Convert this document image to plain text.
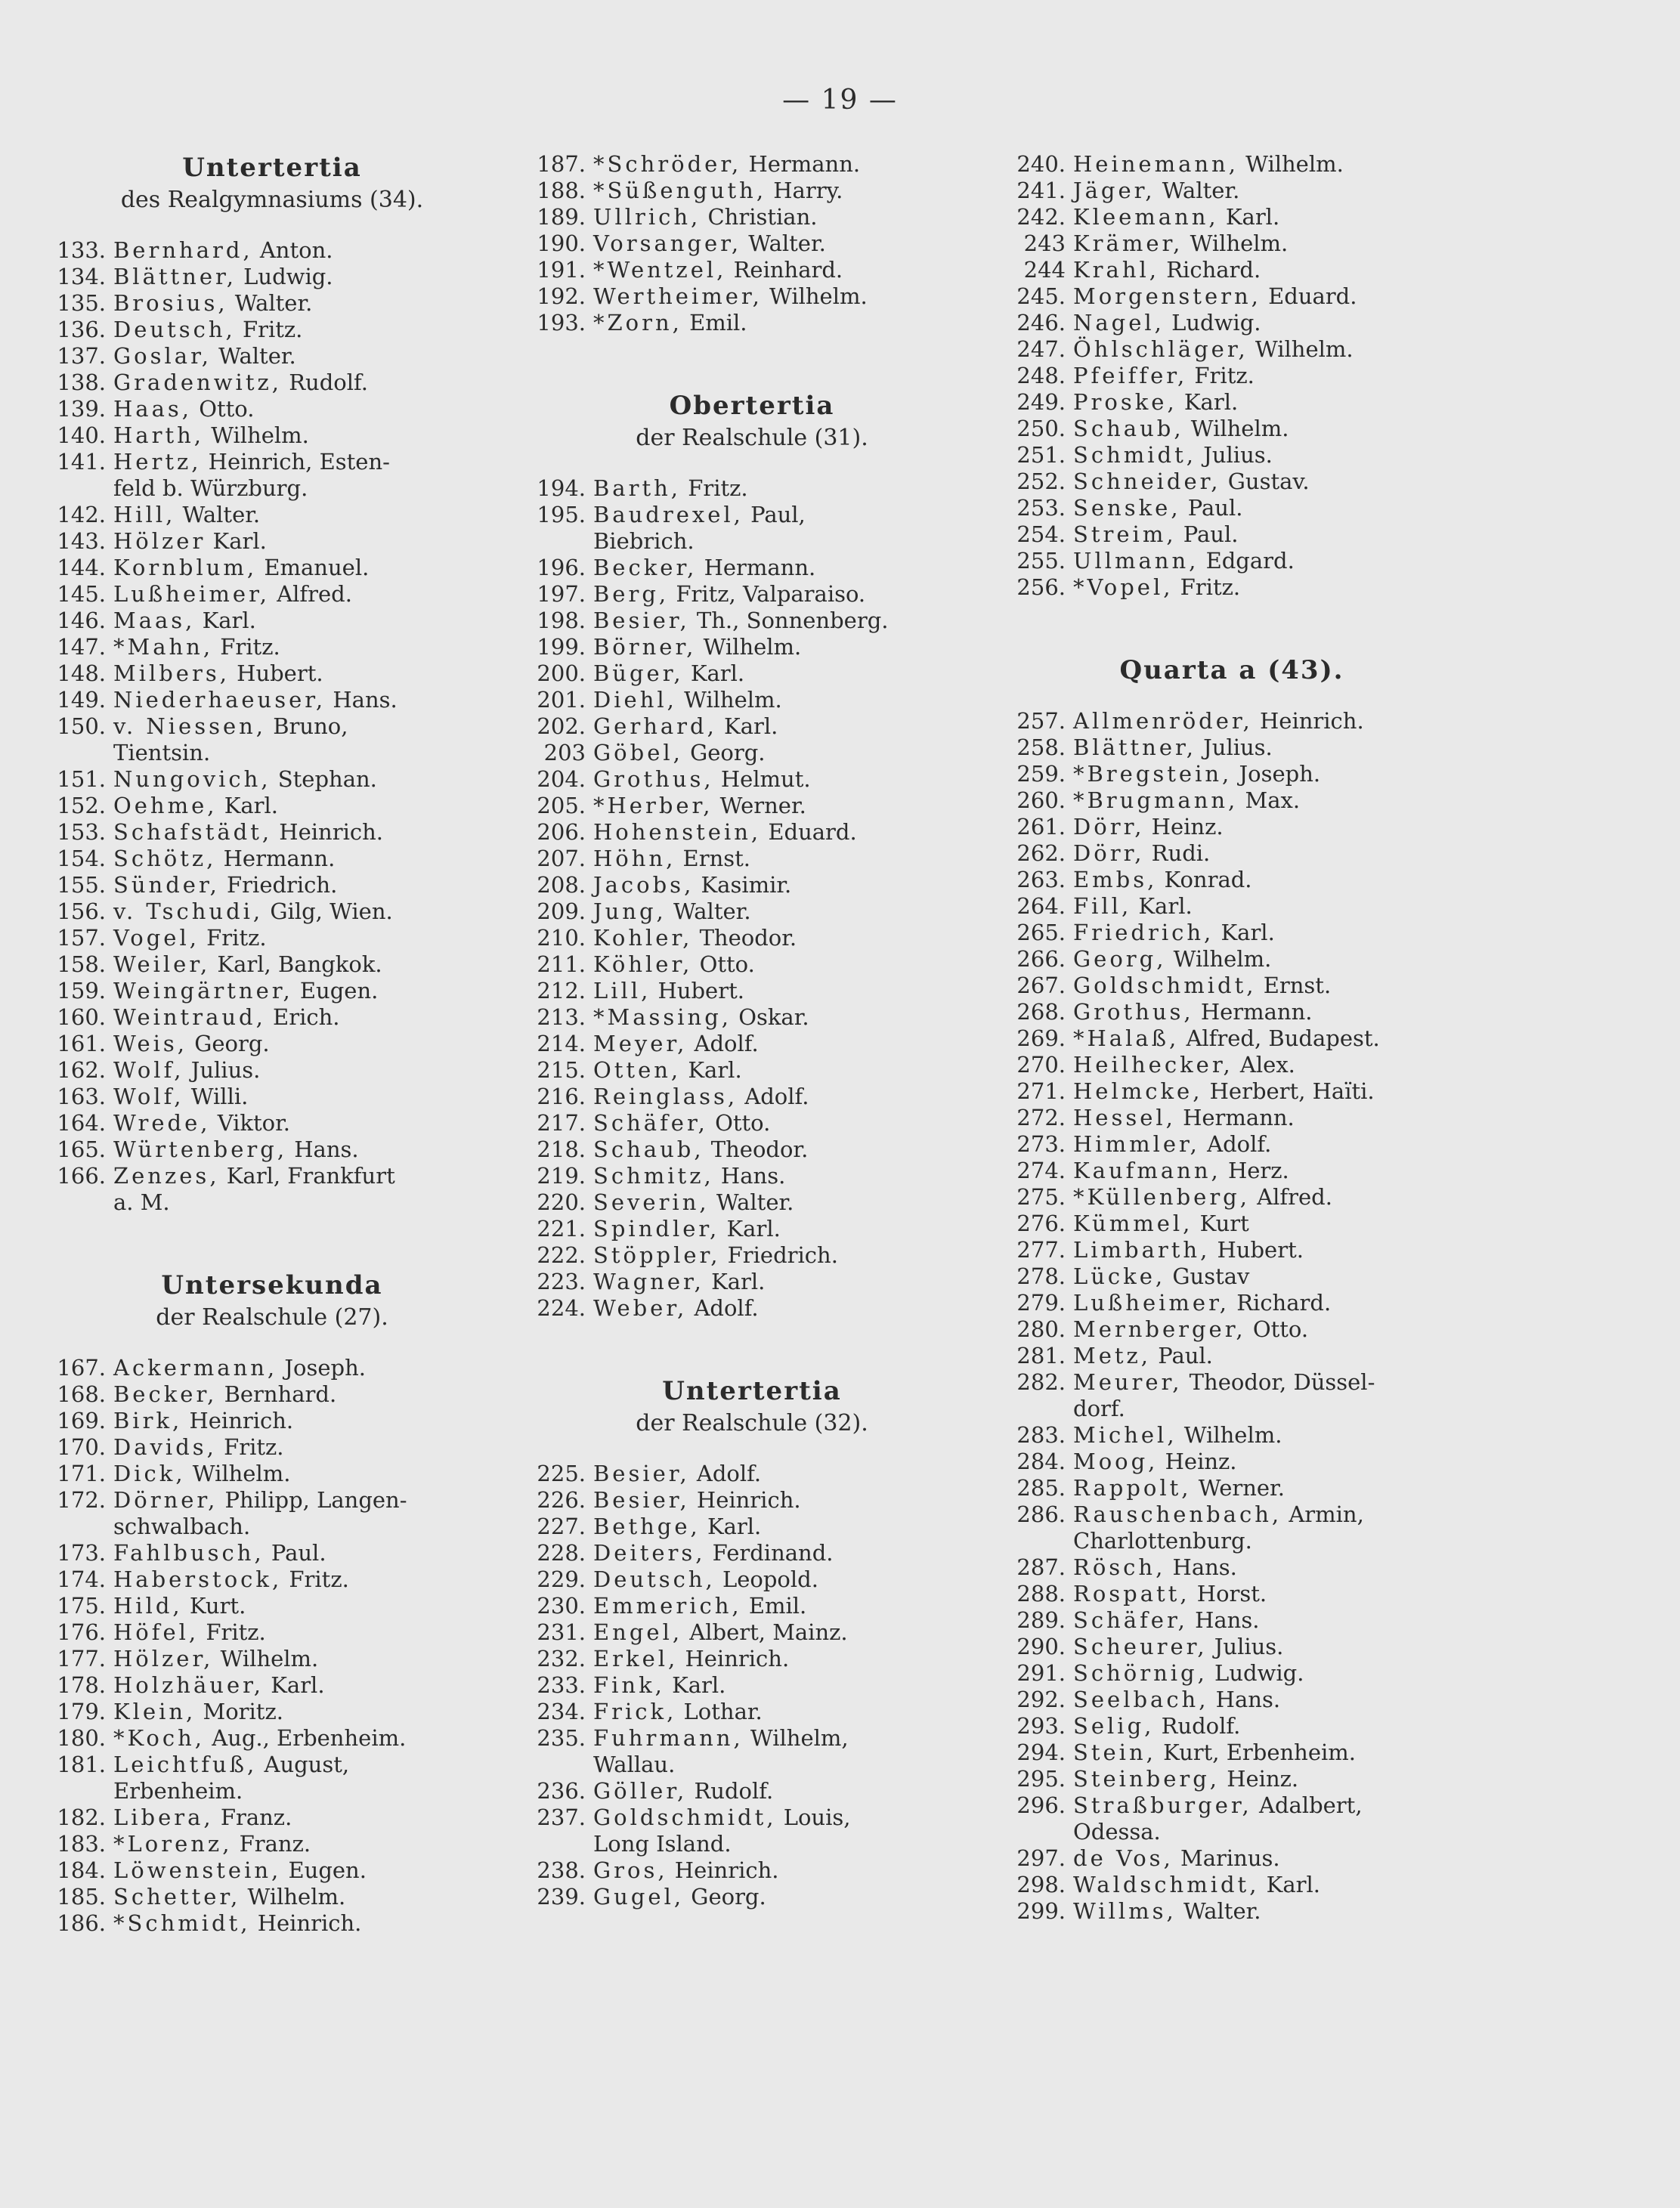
— 19 —
Untertertia
des Realgymnasiums (34).
133. Bernhard, Anton.
134. Blättner, Ludwig.
135. Brosius, Walter.
136. Deutsch, Fritz.
137. Goslar, Walter.
138. Gradenwitz, Rudolf.
139. Haas, Otto.
140. Harth, Wilhelm.
141. Hertz, Heinrich, Esten-
feld b. Würzburg.
142. Hill, Walter.
143. Hölzer Karl.
144. Kornblum, Emanuel.
145. Lußheimer, Alfred.
146. Maas, Karl.
147. *Mahn, Fritz.
148. Milbers, Hubert.
149. Niederhaeuser, Hans.
150. v. Niessen, Bruno,
Tientsin.
151. Nungovich, Stephan.
152. Oehme, Karl.
153. Schafstädt, Heinrich.
154. Schötz, Hermann.
155. Sünder, Friedrich.
156. v. Tschudi, Gilg, Wien.
157. Vogel, Fritz.
158. Weiler, Karl, Bangkok.
159. Weingärtner, Eugen.
160. Weintraud, Erich.
161. Weis, Georg.
162. Wolf, Julius.
163. Wolf, Willi.
164. Wrede, Viktor.
165. Würtenberg, Hans.
166. Zenzes, Karl, Frankfurt
a. M.
Untersekunda
der Realschule (27).
167. Ackermann, Joseph.
168. Becker, Bernhard.
169. Birk, Heinrich.
170. Davids, Fritz.
171. Dick, Wilhelm.
172. Dörner, Philipp, Langen-
schwalbach.
173. Fahlbusch, Paul.
174. Haberstock, Fritz.
175. Hild, Kurt.
176. Höfel, Fritz.
177. Hölzer, Wilhelm.
178. Holzhäuer, Karl.
179. Klein, Moritz.
180. *Koch, Aug., Erbenheim.
181. Leichtfuß, August,
Erbenheim.
182. Libera, Franz.
183. *Lorenz, Franz.
184. Löwenstein, Eugen.
185. Schetter, Wilhelm.
186. *Schmidt, Heinrich.
187. *Schröder, Hermann.
188. *Süßenguth, Harry.
189. Ullrich, Christian.
190. Vorsanger, Walter.
191. *Wentzel, Reinhard.
192. Wertheimer, Wilhelm.
193. *Zorn, Emil.
Obertertia
der Realschule (31).
194. Barth, Fritz.
195. Baudrexel, Paul,
Biebrich.
196. Becker, Hermann.
197. Berg, Fritz, Valparaiso.
198. Besier, Th., Sonnenberg.
199. Börner, Wilhelm.
200. Büger, Karl.
201. Diehl, Wilhelm.
202. Gerhard, Karl.
203 Göbel, Georg.
204. Grothus, Helmut.
205. *Herber, Werner.
206. Hohenstein, Eduard.
207. Höhn, Ernst.
208. Jacobs, Kasimir.
209. Jung, Walter.
210. Kohler, Theodor.
211. Köhler, Otto.
212. Lill, Hubert.
213. *Massing, Oskar.
214. Meyer, Adolf.
215. Otten, Karl.
216. Reinglass, Adolf.
217. Schäfer, Otto.
218. Schaub, Theodor.
219. Schmitz, Hans.
220. Severin, Walter.
221. Spindler, Karl.
222. Stöppler, Friedrich.
223. Wagner, Karl.
224. Weber, Adolf.
Untertertia
der Realschule (32).
225. Besier, Adolf.
226. Besier, Heinrich.
227. Bethge, Karl.
228. Deiters, Ferdinand.
229. Deutsch, Leopold.
230. Emmerich, Emil.
231. Engel, Albert, Mainz.
232. Erkel, Heinrich.
233. Fink, Karl.
234. Frick, Lothar.
235. Fuhrmann, Wilhelm,
Wallau.
236. Göller, Rudolf.
237. Goldschmidt, Louis,
Long Island.
238. Gros, Heinrich.
239. Gugel, Georg.
240. Heinemann, Wilhelm.
241. Jäger, Walter.
242. Kleemann, Karl.
243 Krämer, Wilhelm.
244 Krahl, Richard.
245. Morgenstern, Eduard.
246. Nagel, Ludwig.
247. Öhlschläger, Wilhelm.
248. Pfeiffer, Fritz.
249. Proske, Karl.
250. Schaub, Wilhelm.
251. Schmidt, Julius.
252. Schneider, Gustav.
253. Senske, Paul.
254. Streim, Paul.
255. Ullmann, Edgard.
256. *Vopel, Fritz.
Quarta a (43).
257. Allmenröder, Heinrich.
258. Blättner, Julius.
259. *Bregstein, Joseph.
260. *Brugmann, Max.
261. Dörr, Heinz.
262. Dörr, Rudi.
263. Embs, Konrad.
264. Fill, Karl.
265. Friedrich, Karl.
266. Georg, Wilhelm.
267. Goldschmidt, Ernst.
268. Grothus, Hermann.
269. *Halaß, Alfred, Budapest.
270. Heilhecker, Alex.
271. Helmcke, Herbert, Haïti.
272. Hessel, Hermann.
273. Himmler, Adolf.
274. Kaufmann, Herz.
275. *Küllenberg, Alfred.
276. Kümmel, Kurt
277. Limbarth, Hubert.
278. Lücke, Gustav
279. Lußheimer, Richard.
280. Mernberger, Otto.
281. Metz, Paul.
282. Meurer, Theodor, Düssel-
dorf.
283. Michel, Wilhelm.
284. Moog, Heinz.
285. Rappolt, Werner.
286. Rauschenbach, Armin,
Charlottenburg.
287. Rösch, Hans.
288. Rospatt, Horst.
289. Schäfer, Hans.
290. Scheurer, Julius.
291. Schörnig, Ludwig.
292. Seelbach, Hans.
293. Selig, Rudolf.
294. Stein, Kurt, Erbenheim.
295. Steinberg, Heinz.
296. Straßburger, Adalbert,
Odessa.
297. de Vos, Marinus.
298. Waldschmidt, Karl.
299. Willms, Walter.
